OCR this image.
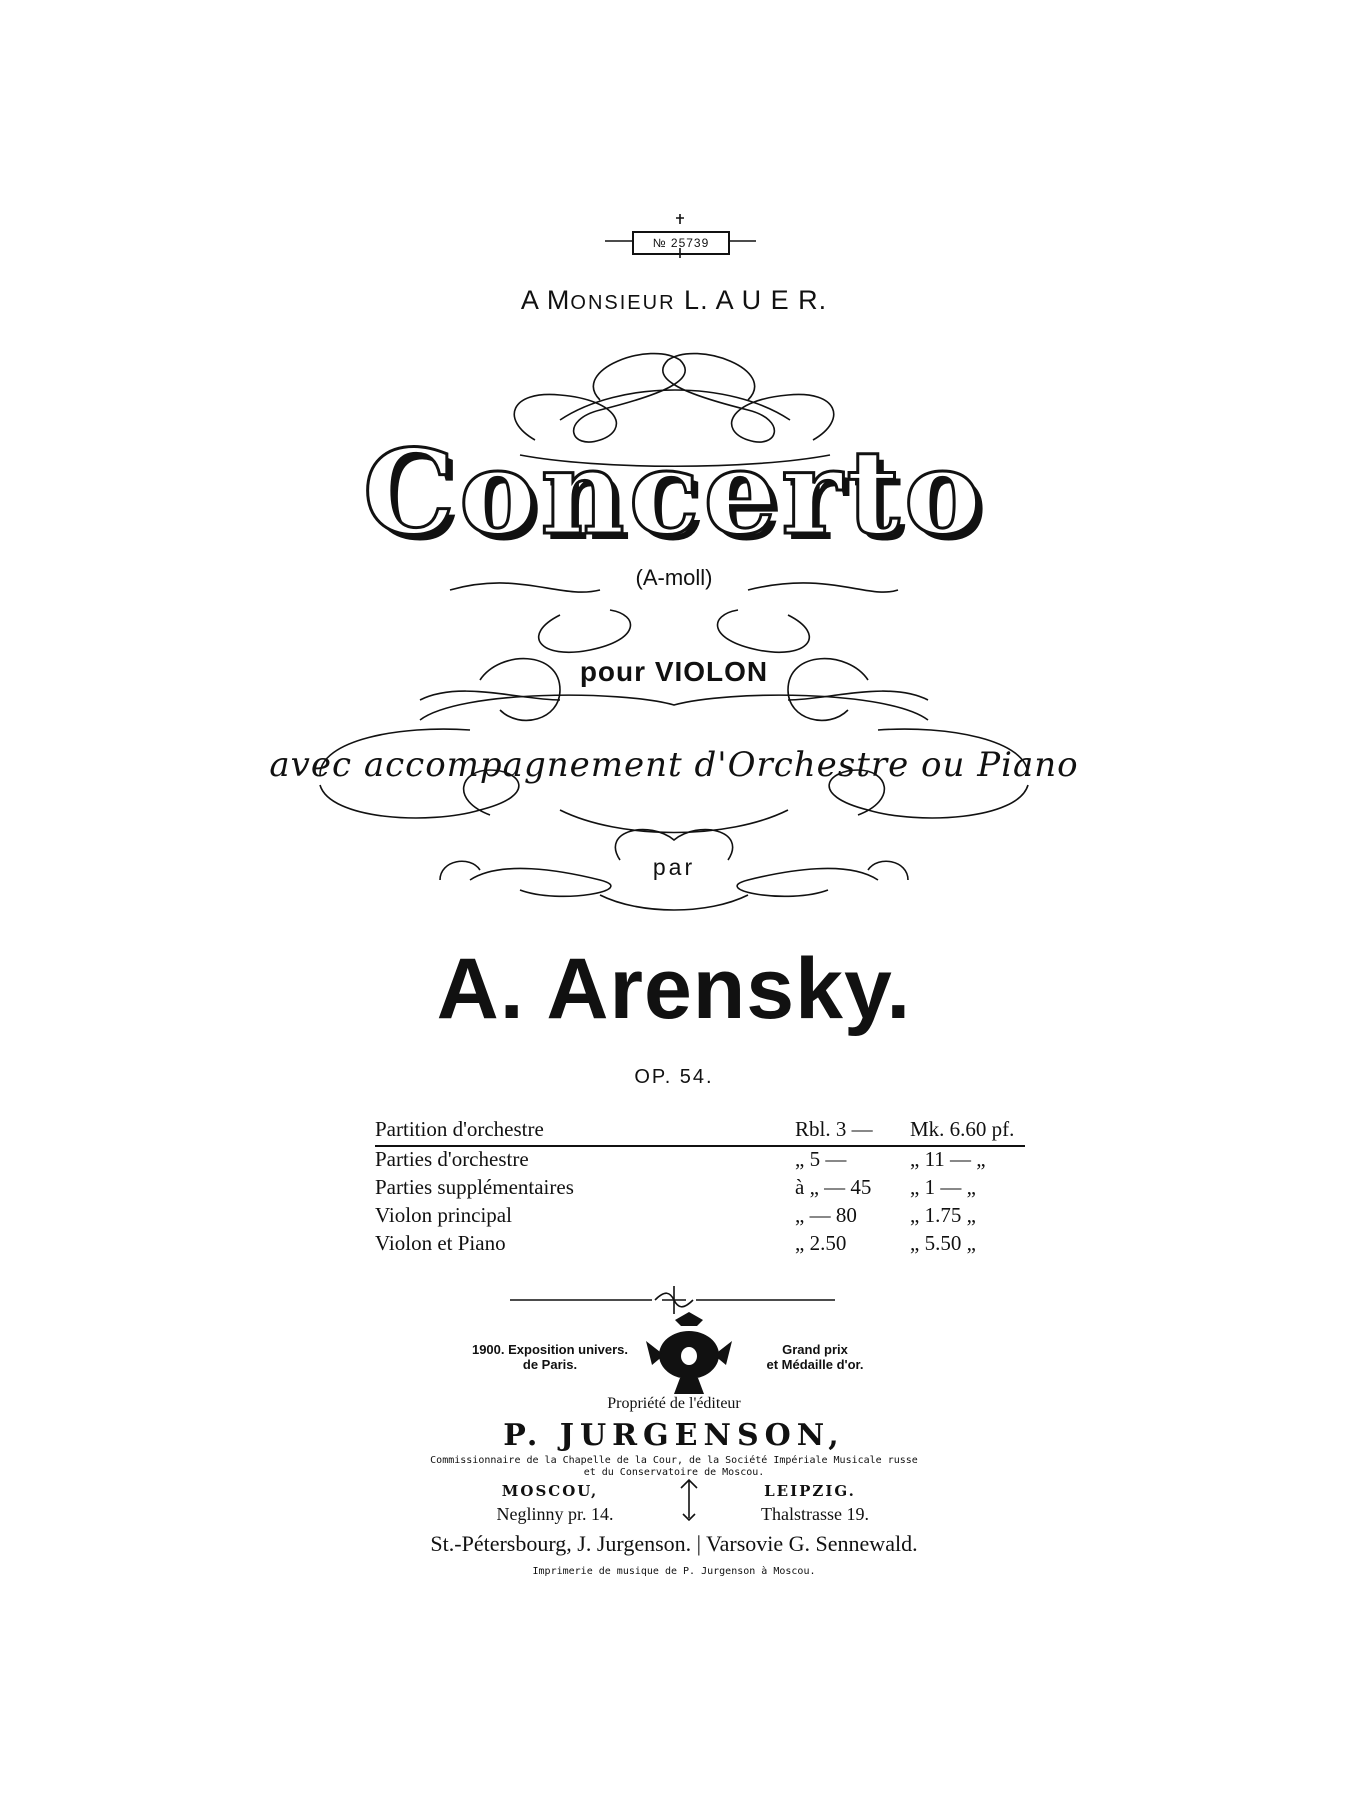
№ 25739
A MONSIEUR L. A U E R.
Concerto
(A-moll)
pour VIOLON
avec accompagnement d'Orchestre ou Piano
par
A. Arensky.
OP. 54.
Partition d'orchestre	Rbl. 3 —	Mk. 6.60 pf.
Parties d'orchestre	„ 5 —	„ 11 — „
Parties supplémentaires	à „ — 45	„ 1 — „
Violon principal	„ — 80	„ 1.75 „
Violon et Piano	„ 2.50	„ 5.50 „
1900. Exposition univers.
de Paris.
Grand prix
et Médaille d'or.
Propriété de l'éditeur
P. JURGENSON,
Commissionnaire de la Chapelle de la Cour, de la Société Impériale Musicale russe
et du Conservatoire de Moscou.
MOSCOU,
Neglinny pr. 14.
LEIPZIG.
Thalstrasse 19.
St.-Pétersbourg, J. Jurgenson. | Varsovie G. Sennewald.
Imprimerie de musique de P. Jurgenson à Moscou.
